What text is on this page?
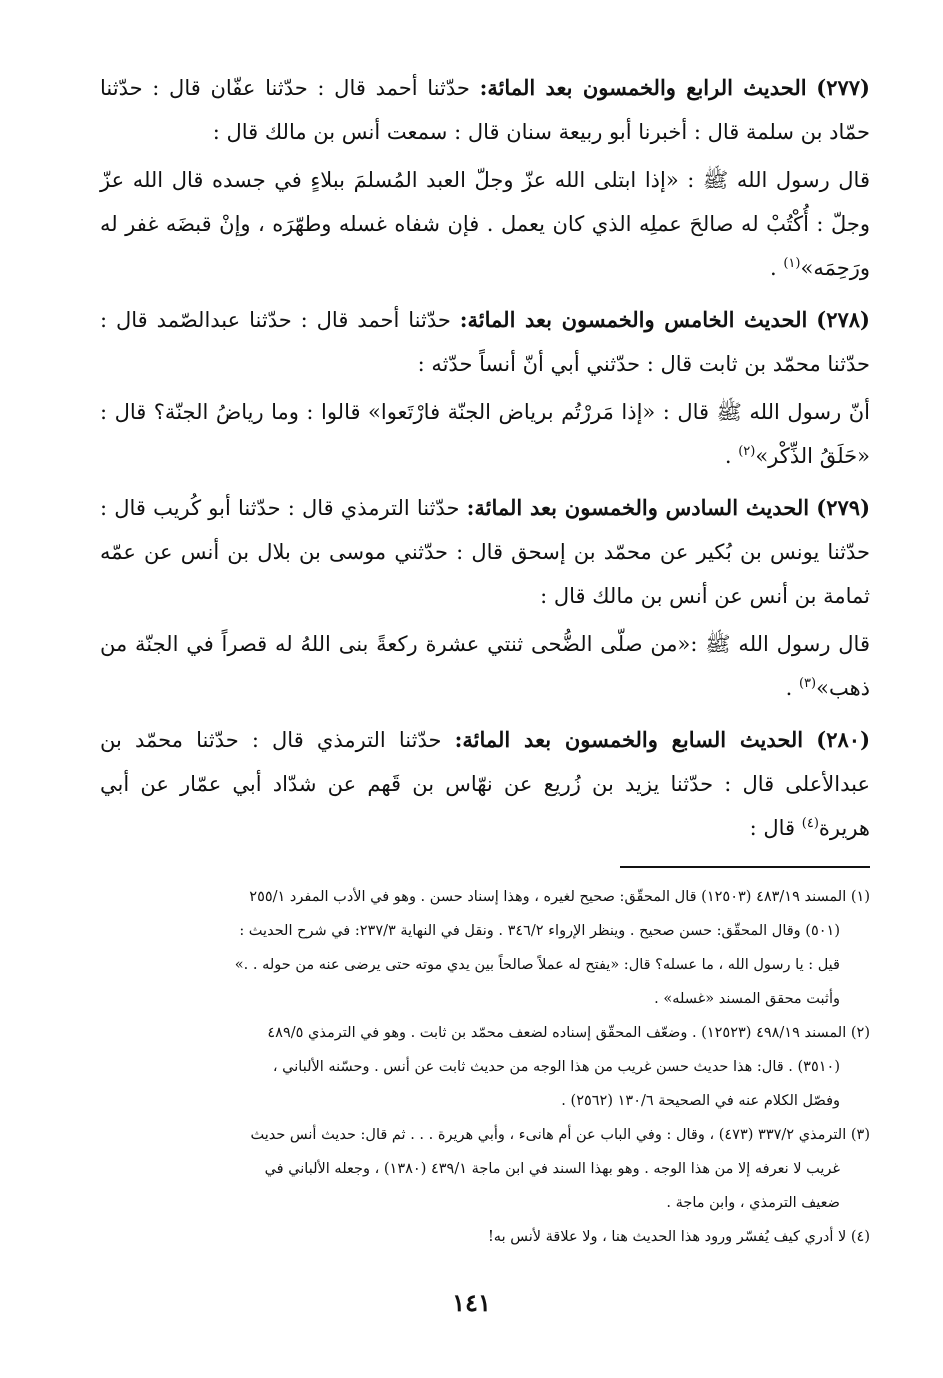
(٢٧٧) الحديث الرابع والخمسون بعد المائة: حدّثنا أحمد قال : حدّثنا عفّان قال : حدّثنا حمّاد بن سلمة قال : أخبرنا أبو ربيعة سنان قال : سمعت أنس بن مالك قال :

قال رسول الله ﷺ : «إذا ابتلى الله عزّ وجلّ العبد المُسلمَ ببلاءٍ في جسده قال الله عزّ وجلّ : أُكْتُبْ له صالحَ عملِه الذي كان يعمل . فإن شفاه غسله وطهّرَه ، وإنْ قبضَه غفر له ورَحِمَه»$^{(١)}$ .

(٢٧٨) الحديث الخامس والخمسون بعد المائة: حدّثنا أحمد قال : حدّثنا عبدالصّمد قال : حدّثنا محمّد بن ثابت قال : حدّثني أبي أنّ أنساً حدّثه :

أنّ رسول الله ﷺ قال : «إذا مَررْتُم برياض الجنّة فارْتَعوا» قالوا : وما رياضُ الجنّة؟ قال : «حَلَقُ الذِّكْر»$^{(٢)}$ .

(٢٧٩) الحديث السادس والخمسون بعد المائة: حدّثنا الترمذي قال : حدّثنا أبو كُريب قال : حدّثنا يونس بن بُكير عن محمّد بن إسحق قال : حدّثني موسى بن بلال بن أنس عن عمّه ثمامة بن أنس عن أنس بن مالك قال :

قال رسول الله ﷺ :«من صلّى الضُّحى ثنتي عشرة ركعةً بنى اللهُ له قصراً في الجنّة من ذهب»$^{(٣)}$ .

(٢٨٠) الحديث السابع والخمسون بعد المائة: حدّثنا الترمذي قال : حدّثنا محمّد بن عبدالأعلى قال : حدّثنا يزيد بن زُريع عن نهّاس بن قَهم عن شدّاد أبي عمّار عن أبي هريرة$^{(٤)}$ قال :

(١) المسند ٤٨٣/١٩ (١٢٥٠٣) قال المحقّق: صحيح لغيره ، وهذا إسناد حسن . وهو في الأدب المفرد ٢٥٥/١
(٥٠١) وقال المحقّق: حسن صحيح . وينظر الإرواء ٣٤٦/٢ . ونقل في النهاية ٢٣٧/٣: في شرح الحديث :
قيل : يا رسول الله ، ما عسله؟ قال: «يفتح له عملاً صالحاً بين يدي موته حتى يرضى عنه من حوله . .»
وأثبت محقق المسند «غسله» .
(٢) المسند ٤٩٨/١٩ (١٢٥٢٣) . وضعّف المحقّق إسناده لضعف محمّد بن ثابت . وهو في الترمذي ٤٨٩/٥
(٣٥١٠) . قال: هذا حديث حسن غريب من هذا الوجه من حديث ثابت عن أنس . وحسّنه الألباني ،
وفصّل الكلام عنه في الصحيحة ١٣٠/٦ (٢٥٦٢) .
(٣) الترمذي ٣٣٧/٢ (٤٧٣) ، وقال : وفي الباب عن أم هانىء ، وأبي هريرة . . . ثم قال: حديث أنس حديث
غريب لا نعرفه إلا من هذا الوجه . وهو بهذا السند في ابن ماجة ٤٣٩/١ (١٣٨٠) ، وجعله الألباني في
ضعيف الترمذي ، وابن ماجة .
(٤) لا أدري كيف يُفسّر ورود هذا الحديث هنا ، ولا علاقة لأنس به!
١٤١
